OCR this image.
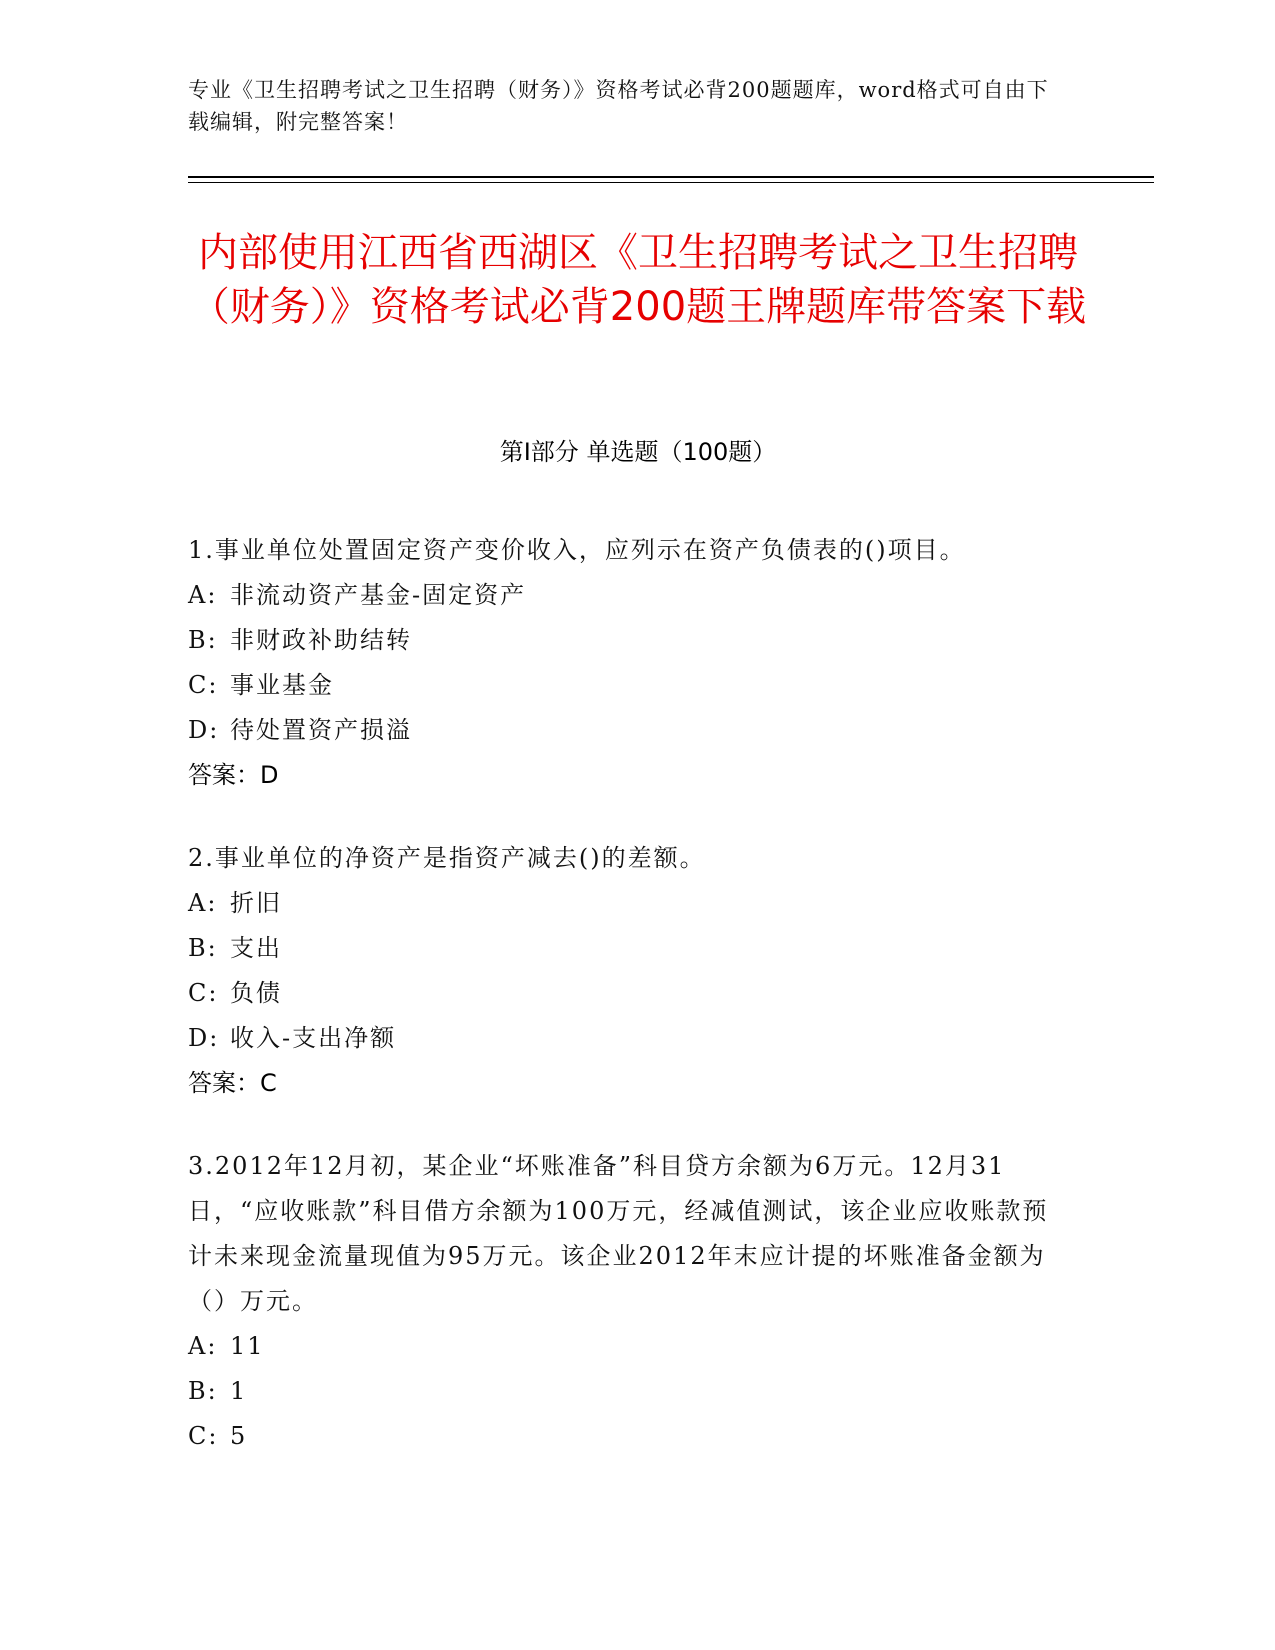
专业《卫生招聘考试之卫生招聘（财务）》资格考试必背200题题库，word格式可自由下载编辑，附完整答案！
内部使用江西省西湖区《卫生招聘考试之卫生招聘（财务）》资格考试必背200题王牌题库带答案下载
第Ⅰ部分 单选题（100题）

1.事业单位处置固定资产变价收入，应列示在资产负债表的()项目。

A: 非流动资产基金-固定资产

B: 非财政补助结转

C: 事业基金

D: 待处置资产损溢

答案：D

2.事业单位的净资产是指资产减去()的差额。

A: 折旧

B: 支出

C: 负债

D: 收入-支出净额

答案：C

3.2012年12月初，某企业“坏账准备”科目贷方余额为6万元。12月31日，“应收账款”科目借方余额为100万元，经减值测试，该企业应收账款预计未来现金流量现值为95万元。该企业2012年末应计提的坏账准备金额为（）万元。

A: 11

B: 1

C: 5
